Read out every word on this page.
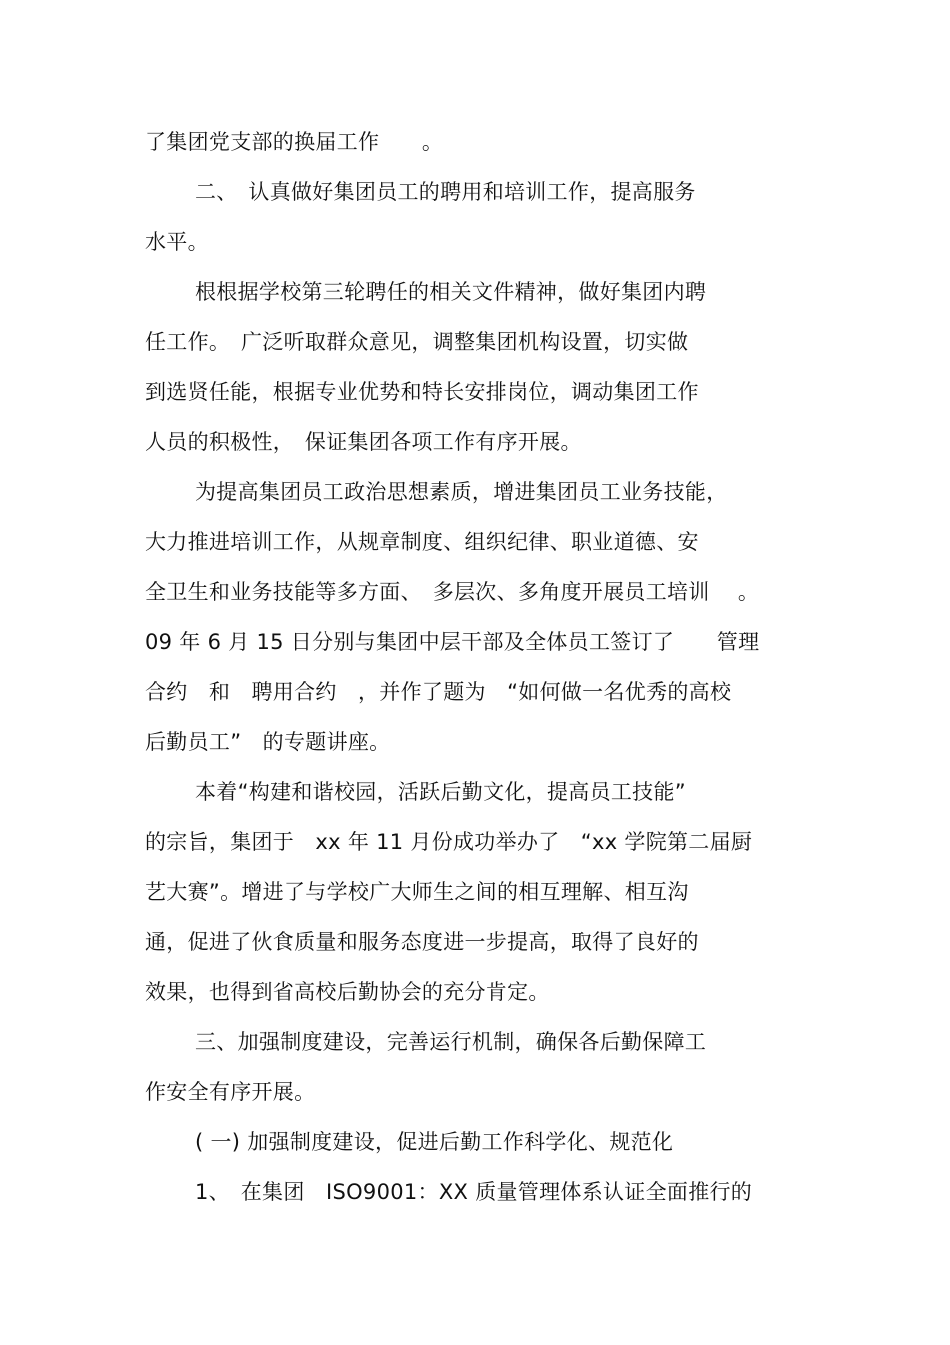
了集团党支部的换届工作　　。
二、　认真做好集团员工的聘用和培训工作，提高服务
水平。
根根据学校第三轮聘任的相关文件精神，做好集团内聘
任工作。　广泛听取群众意见，调整集团机构设置，切实做
到选贤任能，根据专业优势和特长安排岗位，调动集团工作
人员的积极性，　保证集团各项工作有序开展。
为提高集团员工政治思想素质，增进集团员工业务技能，
大力推进培训工作，从规章制度、组织纪律、职业道德、安
全卫生和业务技能等多方面、　多层次、多角度开展员工培训　 。
09 年 6 月 15 日分别与集团中层干部及全体员工签订了　　管理
合约　和　聘用合约　，并作了题为　“如何做一名优秀的高校
后勤员工”　的专题讲座。
本着“构建和谐校园，活跃后勤文化，提高员工技能”
的宗旨，集团于　xx 年 11 月份成功举办了　“xx 学院第二届厨
艺大赛”。增进了与学校广大师生之间的相互理解、相互沟
通，促进了伙食质量和服务态度进一步提高，取得了良好的
效果，也得到省高校后勤协会的充分肯定。
三、加强制度建设，完善运行机制，确保各后勤保障工
作安全有序开展。
( 一) 加强制度建设，促进后勤工作科学化、规范化
1、　在集团　ISO9001：XX 质量管理体系认证全面推行的
